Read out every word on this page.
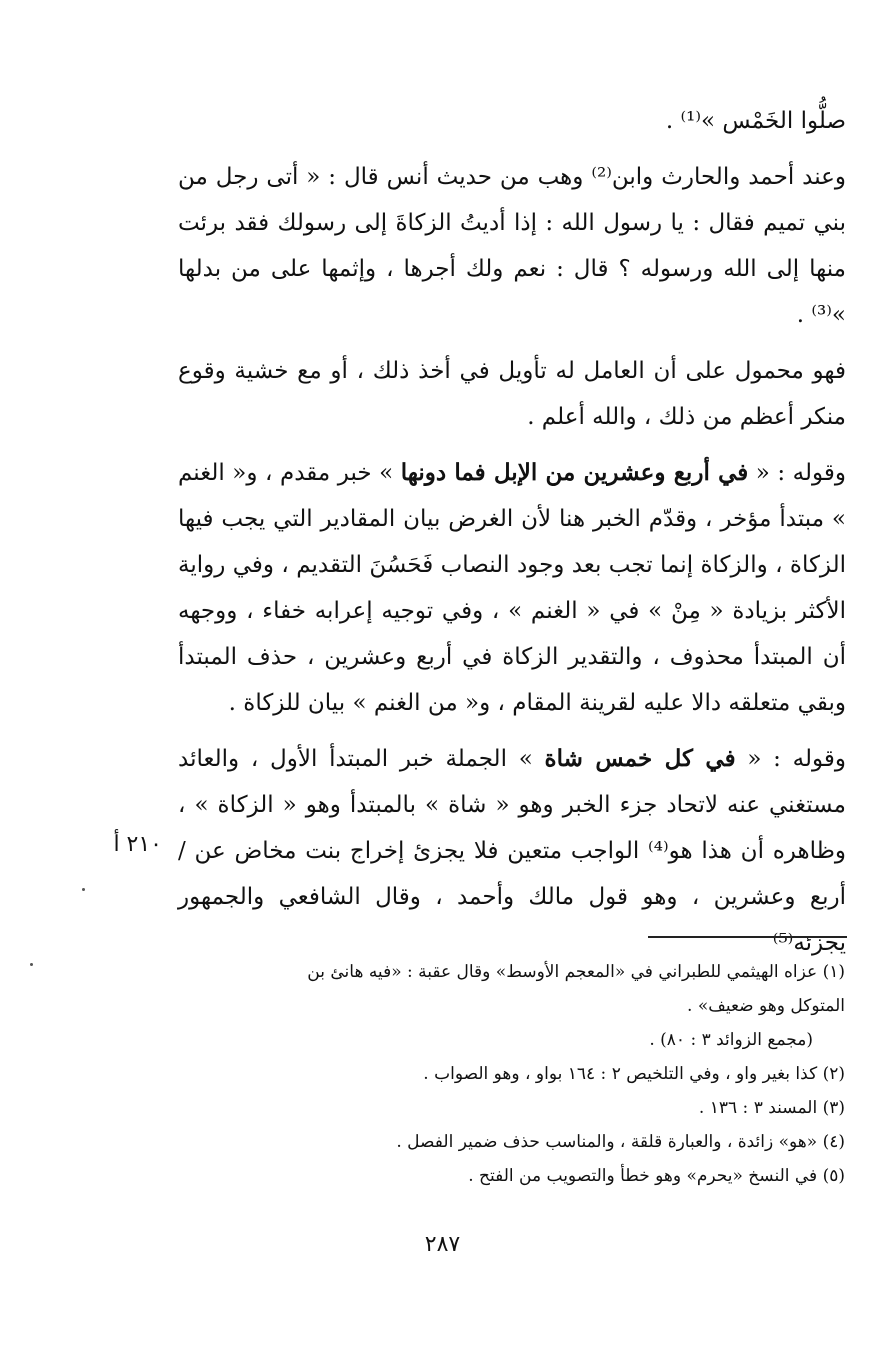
صلُّوا الخَمْس »⁽¹⁾ .

وعند أحمد والحارث وابن⁽²⁾ وهب من حديث أنس قال : « أتى رجل من بني تميم فقال : يا رسول الله : إذا أديتُ الزكاةَ إلى رسولك فقد برئت منها إلى الله ورسوله ؟ قال : نعم ولك أجرها ، وإثمها على من بدلها »⁽³⁾ .

فهو محمول على أن العامل له تأويل في أخذ ذلك ، أو مع خشية وقوع منكر أعظم من ذلك ، والله أعلم .

وقوله : « في أربع وعشرين من الإبل فما دونها » خبر مقدم ، و« الغنم » مبتدأ مؤخر ، وقدّم الخبر هنا لأن الغرض بيان المقادير التي يجب فيها الزكاة ، والزكاة إنما تجب بعد وجود النصاب فَحَسُنَ التقديم ، وفي رواية الأكثر بزيادة « مِنْ » في « الغنم » ، وفي توجيه إعرابه خفاء ، ووجهه أن المبتدأ محذوف ، والتقدير الزكاة في أربع وعشرين ، حذف المبتدأ وبقي متعلقه دالا عليه لقرينة المقام ، و« من الغنم » بيان للزكاة .

وقوله : « في كل خمس شاة » الجملة خبر المبتدأ الأول ، والعائد مستغني عنه لاتحاد جزء الخبر وهو « شاة » بالمبتدأ وهو « الزكاة » ، وظاهره أن هذا هو⁽⁴⁾ الواجب متعين فلا يجزئ إخراج بنت مخاض عن / أربع وعشرين ، وهو قول مالك وأحمد ، وقال الشافعي والجمهور يجزئه⁽⁵⁾

٢١٠ أ

(١) عزاه الهيثمي للطبراني في «المعجم الأوسط» وقال عقبة : «فيه هانئ بن المتوكل وهو ضعيف» .

(مجمع الزوائد ٣ : ٨٠) .

(٢) كذا بغير واو ، وفي التلخيص ٢ : ١٦٤ بواو ، وهو الصواب .

(٣) المسند ٣ : ١٣٦ .

(٤) «هو» زائدة ، والعبارة قلقة ، والمناسب حذف ضمير الفصل .

(٥) في النسخ «يحرم» وهو خطأ والتصويب من الفتح .

٢٨٧
